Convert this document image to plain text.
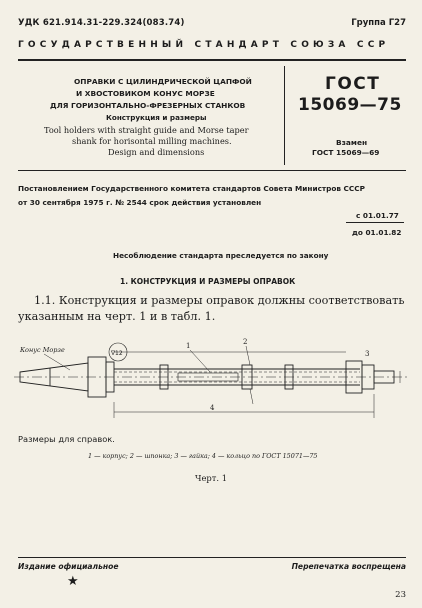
УДК 621.914.31-229.324(083.74)	Группа Г27

ГОСУДАРСТВЕННЫЙ СТАНДАРТ СОЮЗА ССР

ОПРАВКИ С ЦИЛИНДРИЧЕСКОЙ ЦАПФОЙ

И ХВОСТОВИКОМ КОНУС МОРЗЕ

ДЛЯ ГОРИЗОНТАЛЬНО-ФРЕЗЕРНЫХ СТАНКОВ

Конструкция и размеры

Tool holders with straight guide and Morse taper

shank for horisontal milling machines.

Design and dimensions

ГОСТ

15069—75

Взамен

ГОСТ 15069—69

Постановлением Государственного комитета стандартов Совета Министров СССР

от 30 сентября 1975 г. № 2544 срок действия установлен

с 01.01.77

до 01.01.82

Несоблюдение стандарта преследуется по закону

1. КОНСТРУКЦИЯ И РАЗМЕРЫ ОПРАВОК

1.1. Конструкция и размеры оправок должны соответствовать

указанным на черт. 1 и в табл. 1.

Конус Морзе	∇12
1	2
3
4

Размеры для справок.

1 — корпус; 2 — шпонка; 3 — гайка; 4 — кольцо по ГОСТ 15071—75

Черт. 1

Издание официальное	Перепечатка воспрещена

★

23
